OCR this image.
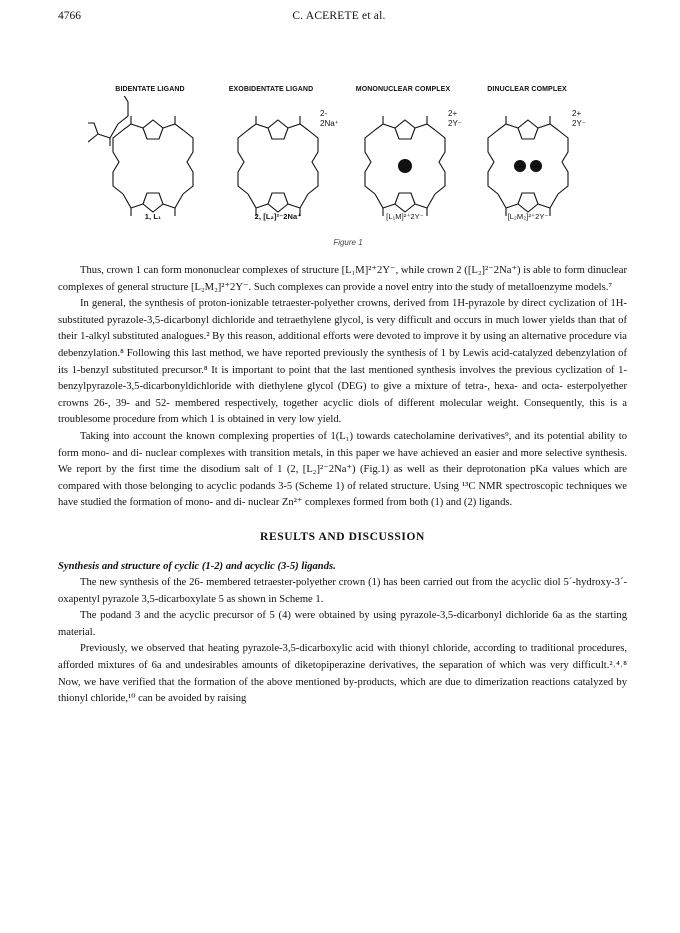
4766	C. ACERETE et al.
BIDENTATE LIGAND	EXOBIDENTATE LIGAND	MONONUCLEAR COMPLEX	DINUCLEAR COMPLEX
2-
2Na⁺
2+
2Y⁻
2+
2Y⁻
1, L₁	2, [L₂]²⁻2Na⁺	[L₁M]²⁺2Y⁻	[L₂M₂]²⁺2Y⁻
Figure 1

Thus, crown 1 can form mononuclear complexes of structure [L₁M]²⁺2Y⁻, while crown 2 ([L₂]²⁻2Na⁺) is able to form dinuclear complexes of general structure [L₂M₂]²⁺2Y⁻. Such complexes can provide a novel entry into the study of metalloenzyme models.⁷

In general, the synthesis of proton-ionizable tetraester-polyether crowns, derived from 1H-pyrazole by direct cyclization of 1H-substituted pyrazole-3,5-dicarbonyl dichloride and tetraethylene glycol, is very difficult and occurs in much lower yields than that of their 1-alkyl substituted analogues.² By this reason, additional efforts were devoted to improve it by using an alternative procedure via debenzylation.⁸ Following this last method, we have reported previously the synthesis of 1 by Lewis acid-catalyzed debenzylation of its 1-benzyl substituted precursor.⁸ It is important to point that the last mentioned synthesis involves the previous cyclization of 1-benzylpyrazole-3,5-dicarbonyldichloride with diethylene glycol (DEG) to give a mixture of tetra-, hexa- and octa- esterpolyether crowns 26-, 39- and 52- membered respectively, together acyclic diols of different molecular weight. Consequently, this is a troublesome procedure from which 1 is obtained in very low yield.

Taking into account the known complexing properties of 1(L₁) towards catecholamine derivatives⁹, and its potential ability to form mono- and di- nuclear complexes with transition metals, in this paper we have achieved an easier and more selective synthesis. We report by the first time the disodium salt of 1 (2, [L₂]²⁻2Na⁺) (Fig.1) as well as their deprotonation pKa values which are compared with those belonging to acyclic podands 3-5 (Scheme 1) of related structure. Using ¹³C NMR spectroscopic techniques we have studied the formation of mono- and di- nuclear Zn²⁺ complexes formed from both (1) and (2) ligands.

RESULTS AND DISCUSSION

Synthesis and structure of cyclic (1-2) and acyclic (3-5) ligands.

The new synthesis of the 26- membered tetraester-polyether crown (1) has been carried out from the acyclic diol 5´-hydroxy-3´-oxapentyl pyrazole 3,5-dicarboxylate 5 as shown in Scheme 1.

The podand 3 and the acyclic precursor of 5 (4) were obtained by using pyrazole-3,5-dicarbonyl dichloride 6a as the starting material.

Previously, we observed that heating pyrazole-3,5-dicarboxylic acid with thionyl chloride, according to traditional procedures, afforded mixtures of 6a and undesirables amounts of diketopiperazine derivatives, the separation of which was very difficult.²˒⁴˒⁸ Now, we have verified that the formation of the above mentioned by-products, which are due to dimerization reactions catalyzed by thionyl chloride,¹⁰ can be avoided by raising
